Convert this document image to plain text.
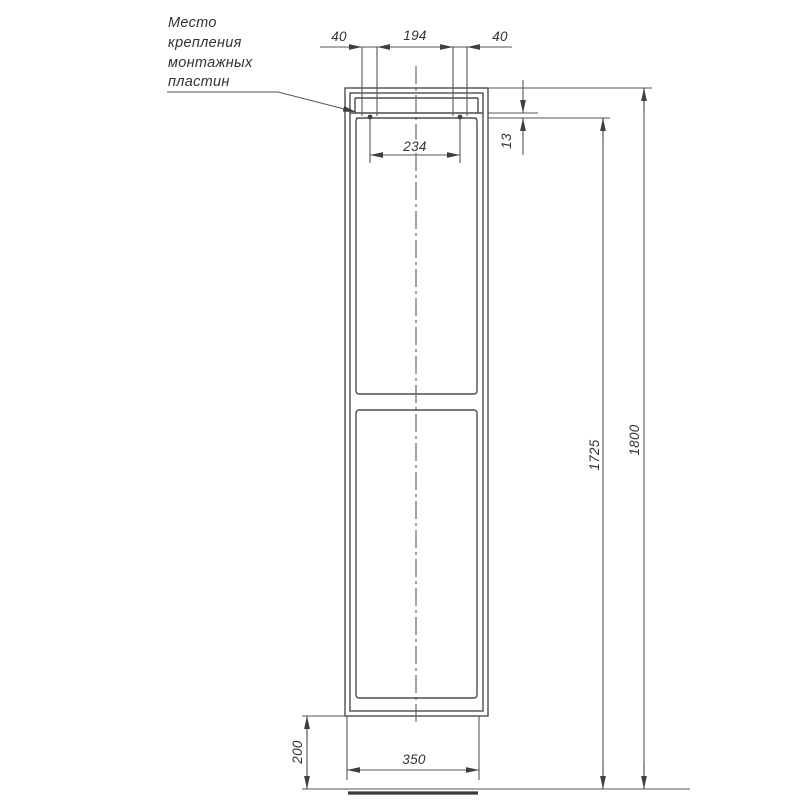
40	194	40
234	13
200	350
1725 1800
Место
крепления
монтажных
пластин
